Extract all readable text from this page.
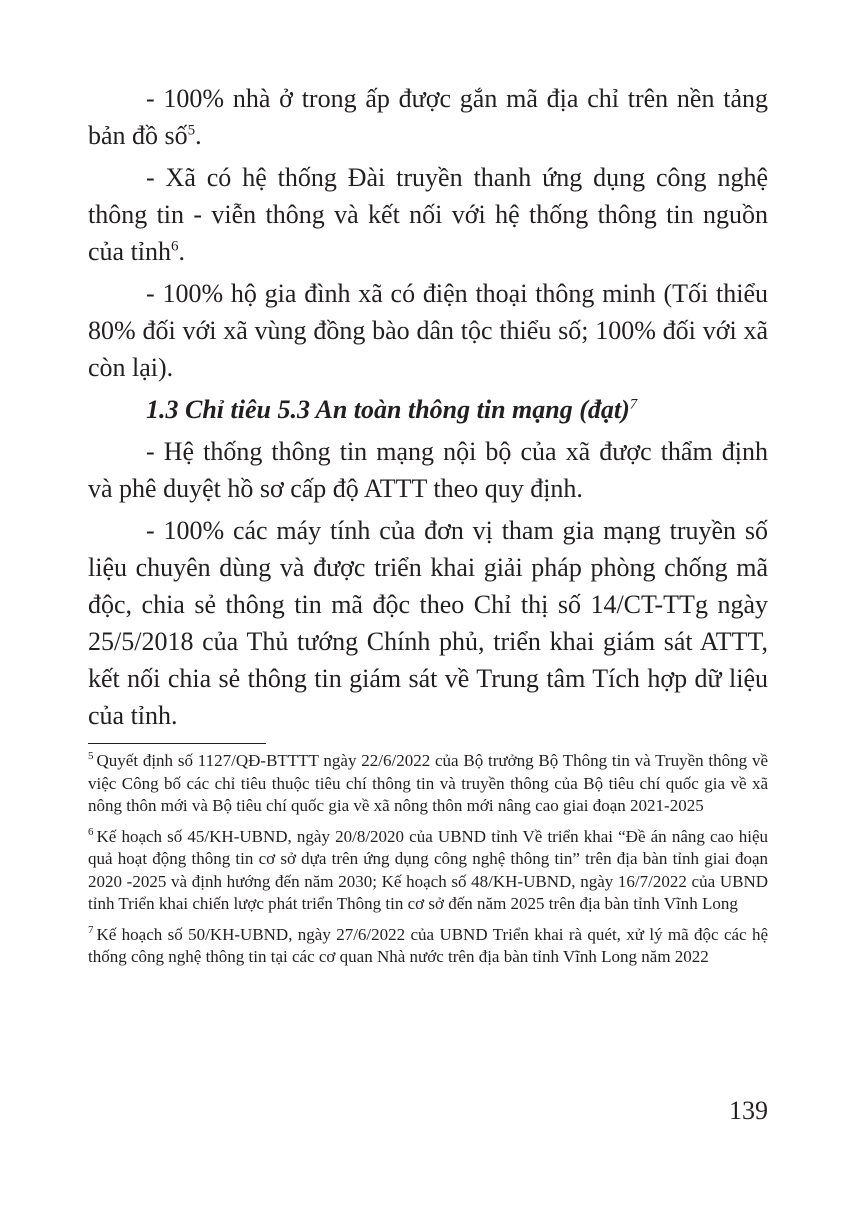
- 100% nhà ở trong ấp được gắn mã địa chỉ trên nền tảng bản đồ số$^5$.

- Xã có hệ thống Đài truyền thanh ứng dụng công nghệ thông tin - viễn thông và kết nối với hệ thống thông tin nguồn của tỉnh$^6$.

- 100% hộ gia đình xã có điện thoại thông minh (Tối thiểu 80% đối với xã vùng đồng bào dân tộc thiểu số; 100% đối với xã còn lại).

1.3 Chỉ tiêu 5.3 An toàn thông tin mạng (đạt)$^7$

- Hệ thống thông tin mạng nội bộ của xã được thẩm định và phê duyệt hồ sơ cấp độ ATTT theo quy định.

- 100% các máy tính của đơn vị tham gia mạng truyền số liệu chuyên dùng và được triển khai giải pháp phòng chống mã độc, chia sẻ thông tin mã độc theo Chỉ thị số 14/CT-TTg ngày 25/5/2018 của Thủ tướng Chính phủ, triển khai giám sát ATTT, kết nối chia sẻ thông tin giám sát về Trung tâm Tích hợp dữ liệu của tỉnh.

$^5$ Quyết định số 1127/QĐ-BTTTT ngày 22/6/2022 của Bộ trưởng Bộ Thông tin và Truyền thông về việc Công bố các chỉ tiêu thuộc tiêu chí thông tin và truyền thông của Bộ tiêu chí quốc gia về xã nông thôn mới và Bộ tiêu chí quốc gia về xã nông thôn mới nâng cao giai đoạn 2021-2025

$^6$ Kế hoạch số 45/KH-UBND, ngày 20/8/2020 của UBND tỉnh Về triển khai “Đề án nâng cao hiệu quả hoạt động thông tin cơ sở dựa trên ứng dụng công nghệ thông tin” trên địa bàn tỉnh giai đoạn 2020 -2025 và định hướng đến năm 2030; Kế hoạch số 48/KH-UBND, ngày 16/7/2022 của UBND tỉnh Triển khai chiến lược phát triển Thông tin cơ sở đến năm 2025 trên địa bàn tỉnh Vĩnh Long

$^7$ Kế hoạch số 50/KH-UBND, ngày 27/6/2022 của UBND Triển khai rà quét, xử lý mã độc các hệ thống công nghệ thông tin tại các cơ quan Nhà nước trên địa bàn tỉnh Vĩnh Long năm 2022

139
